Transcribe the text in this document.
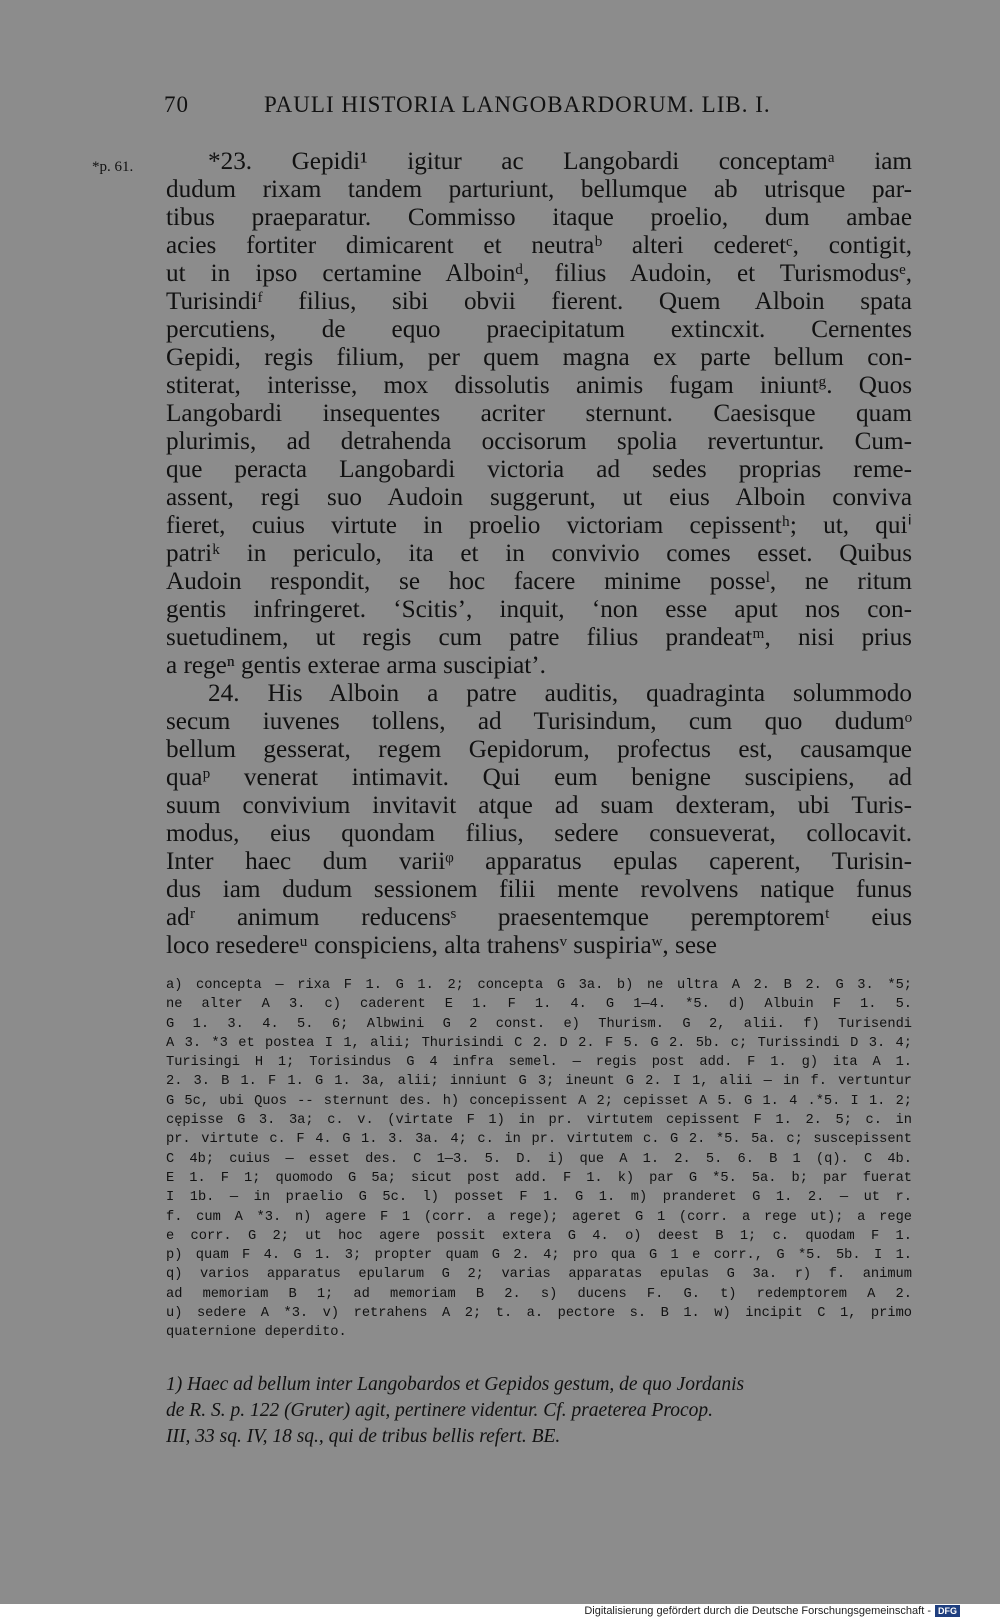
70	PAULI HISTORIA LANGOBARDORUM. LIB. I.
*p. 61.	*23. Gepidi¹ igitur ac Langobardi conceptamᵃ iam
dudum rixam tandem parturiunt, bellumque ab utrisque par-
tibus praeparatur. Commisso itaque proelio, dum ambae
acies fortiter dimicarent et neutraᵇ alteri cederetᶜ, contigit,
ut in ipso certamine Alboinᵈ, filius Audoin, et Turismodusᵉ,
Turisindiᶠ filius, sibi obvii fierent. Quem Alboin spata
percutiens, de equo praecipitatum extincxit. Cernentes
Gepidi, regis filium, per quem magna ex parte bellum con-
stiterat, interisse, mox dissolutis animis fugam iniuntᵍ. Quos
Langobardi insequentes acriter sternunt. Caesisque quam
plurimis, ad detrahenda occisorum spolia revertuntur. Cum-
que peracta Langobardi victoria ad sedes proprias reme-
assent, regi suo Audoin suggerunt, ut eius Alboin conviva
fieret, cuius virtute in proelio victoriam cepissentʰ; ut, quiⁱ
patriᵏ in periculo, ita et in convivio comes esset. Quibus
Audoin respondit, se hoc facere minime posseˡ, ne ritum
gentis infringeret. ‘Scitis’, inquit, ‘non esse aput nos con-
suetudinem, ut regis cum patre filius prandeatᵐ, nisi prius
a regeⁿ gentis exterae arma suscipiat’.
24. His Alboin a patre auditis, quadraginta solummodo
secum iuvenes tollens, ad Turisindum, cum quo dudumᵒ
bellum gesserat, regem Gepidorum, profectus est, causamque
quaᵖ venerat intimavit. Qui eum benigne suscipiens, ad
suum convivium invitavit atque ad suam dexteram, ubi Turis-
modus, eius quondam filius, sedere consueverat, collocavit.
Inter haec dum variiᵠ apparatus epulas caperent, Turisin-
dus iam dudum sessionem filii mente revolvens natique funus
adʳ animum reducensˢ praesentemque peremptoremᵗ eius
loco resedereᵘ conspiciens, alta trahensᵛ suspiriaʷ, sese
a) concepta — rixa F 1. G 1. 2; concepta G 3a. b) ne ultra A 2. B 2. G 3. *5;
ne alter A 3. c) caderent E 1. F 1. 4. G 1—4. *5. d) Albuin F 1. 5.
G 1. 3. 4. 5. 6; Albwini G 2 const. e) Thurism. G 2, alii. f) Turisendi
A 3. *3 et postea I 1, alii; Thurisindi C 2. D 2. F 5. G 2. 5b. c; Turissindi D 3. 4;
Turisingi H 1; Torisindus G 4 infra semel. — regis post add. F 1. g) ita A 1.
2. 3. B 1. F 1. G 1. 3a, alii; inniunt G 3; ineunt G 2. I 1, alii — in f. vertuntur
G 5c, ubi Quos -- sternunt des. h) concepissent A 2; cepisset A 5. G 1. 4 .*5. I 1. 2;
cępisse G 3. 3a; c. v. (virtate F 1) in pr. virtutem cepissent F 1. 2. 5; c. in
pr. virtute c. F 4. G 1. 3. 3a. 4; c. in pr. virtutem c. G 2. *5. 5a. c; suscepissent
C 4b; cuius — esset des. C 1—3. 5. D. i) que A 1. 2. 5. 6. B 1 (q). C 4b.
E 1. F 1; quomodo G 5a; sicut post add. F 1. k) par G *5. 5a. b; par fuerat
I 1b. — in praelio G 5c. l) posset F 1. G 1. m) pranderet G 1. 2. — ut r.
f. cum A *3. n) agere F 1 (corr. a rege); ageret G 1 (corr. a rege ut); a rege
e corr. G 2; ut hoc agere possit extera G 4. o) deest B 1; c. quodam F 1.
p) quam F 4. G 1. 3; propter quam G 2. 4; pro qua G 1 e corr., G *5. 5b. I 1.
q) varios apparatus epularum G 2; varias apparatas epulas G 3a. r) f. animum
ad memoriam B 1; ad memoriam B 2. s) ducens F. G. t) redemptorem A 2.
u) sedere A *3. v) retrahens A 2; t. a. pectore s. B 1. w) incipit C 1, primo
quaternione deperdito.
1) Haec ad bellum inter Langobardos et Gepidos gestum, de quo Jordanis
de R. S. p. 122 (Gruter) agit, pertinere videntur. Cf. praeterea Procop.
III, 33 sq. IV, 18 sq., qui de tribus bellis refert. BE.
Digitalisierung gefördert durch die Deutsche Forschungsgemeinschaft - DFG
